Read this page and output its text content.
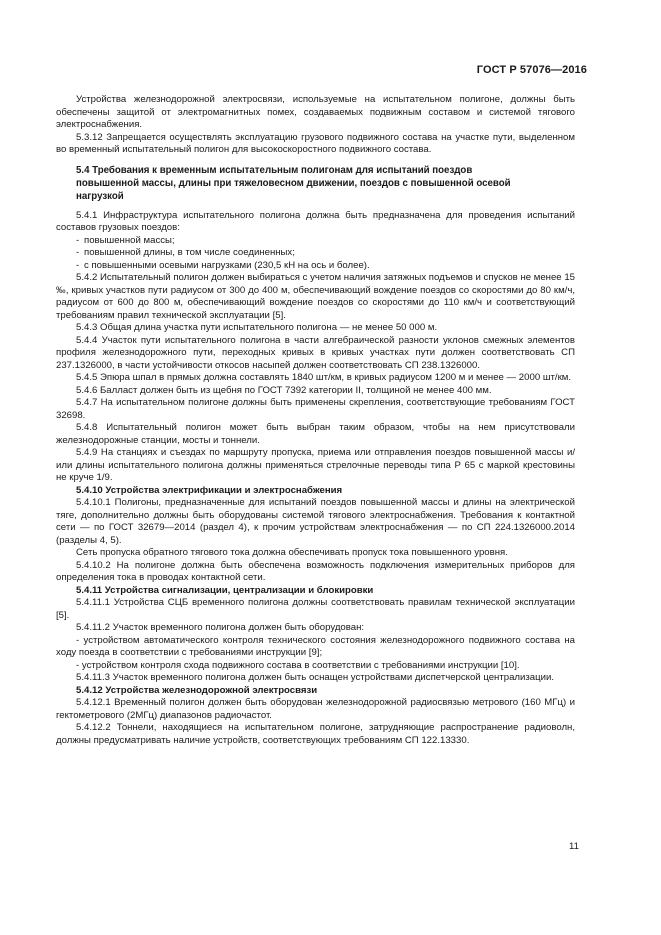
ГОСТ Р 57076—2016

Устройства железнодорожной электросвязи, используемые на испытательном полигоне, должны быть обеспечены защитой от электромагнитных помех, создаваемых подвижным составом и системой тягового электроснабжения.

5.3.12 Запрещается осуществлять эксплуатацию грузового подвижного состава на участке пути, выделенном во временный испытательный полигон для высокоскоростного подвижного состава.

5.4 Требования к временным испытательным полигонам для испытаний поездов повышенной массы, длины при тяжеловесном движении, поездов с повышенной осевой нагрузкой

5.4.1 Инфраструктура испытательного полигона должна быть предназначена для проведения испытаний составов грузовых поездов:

- повышенной массы;

- повышенной длины, в том числе соединенных;

- с повышенными осевыми нагрузками (230,5 кН на ось и более).

5.4.2 Испытательный полигон должен выбираться с учетом наличия затяжных подъемов и спусков не менее 15 ‰, кривых участков пути радиусом от 300 до 400 м, обеспечивающий вождение поездов со скоростями до 80 км/ч, радиусом от 600 до 800 м, обеспечивающий вождение поездов со скоростями до 110 км/ч и соответствующий требованиям правил технической эксплуатации [5].

5.4.3 Общая длина участка пути испытательного полигона — не менее 50 000 м.

5.4.4 Участок пути испытательного полигона в части алгебраической разности уклонов смежных элементов профиля железнодорожного пути, переходных кривых в кривых участках пути должен соответствовать СП 237.1326000, в части устойчивости откосов насыпей должен соответствовать СП 238.1326000.

5.4.5 Эпюра шпал в прямых должна составлять 1840 шт/км, в кривых радиусом 1200 м и менее — 2000 шт/км.

5.4.6 Балласт должен быть из щебня по ГОСТ 7392 категории II, толщиной не менее 400 мм.

5.4.7 На испытательном полигоне должны быть применены скрепления, соответствующие требованиям ГОСТ 32698.

5.4.8 Испытательный полигон может быть выбран таким образом, чтобы на нем присутствовали железнодорожные станции, мосты и тоннели.

5.4.9 На станциях и съездах по маршруту пропуска, приема или отправления поездов повышенной массы и/или длины испытательного полигона должны применяться стрелочные переводы типа Р 65 с маркой крестовины не круче 1/9.

5.4.10 Устройства электрификации и электроснабжения

5.4.10.1 Полигоны, предназначенные для испытаний поездов повышенной массы и длины на электрической тяге, дополнительно должны быть оборудованы системой тягового электроснабжения. Требования к контактной сети — по ГОСТ 32679—2014 (раздел 4), к прочим устройствам электроснабжения — по СП 224.1326000.2014 (разделы 4, 5).

Сеть пропуска обратного тягового тока должна обеспечивать пропуск тока повышенного уровня.

5.4.10.2 На полигоне должна быть обеспечена возможность подключения измерительных приборов для определения тока в проводах контактной сети.

5.4.11 Устройства сигнализации, централизации и блокировки

5.4.11.1 Устройства СЦБ временного полигона должны соответствовать правилам технической эксплуатации [5].

5.4.11.2 Участок временного полигона должен быть оборудован:

- устройством автоматического контроля технического состояния железнодорожного подвижного состава на ходу поезда в соответствии с требованиями инструкции [9];

- устройством контроля схода подвижного состава в соответствии с требованиями инструкции [10].

5.4.11.3 Участок временного полигона должен быть оснащен устройствами диспетчерской централизации.

5.4.12 Устройства железнодорожной электросвязи

5.4.12.1 Временный полигон должен быть оборудован железнодорожной радиосвязью метрового (160 МГц) и гектометрового (2МГц) диапазонов радиочастот.

5.4.12.2 Тоннели, находящиеся на испытательном полигоне, затрудняющие распространение радиоволн, должны предусматривать наличие устройств, соответствующих требованиям СП 122.13330.

11
